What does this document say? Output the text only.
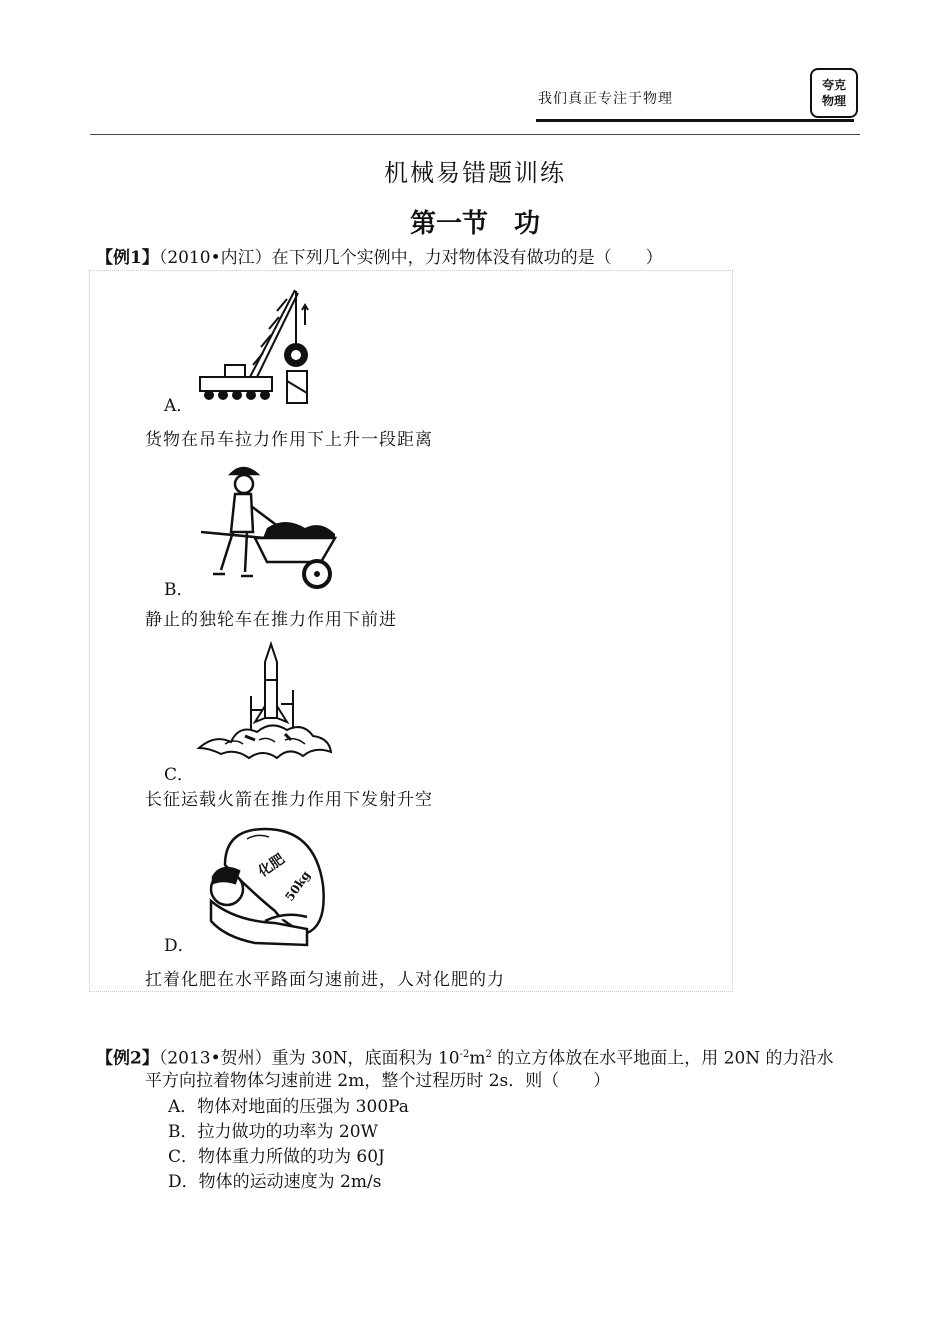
我们真正专注于物理
夸克
物理
机械易错题训练
第一节　功
【例1】（2010•内江）在下列几个实例中，力对物体没有做功的是（　　）
A．
货物在吊车拉力作用下上升一段距离
B．
静止的独轮车在推力作用下前进
C．
长征运载火箭在推力作用下发射升空
化肥
50kg
D．
扛着化肥在水平路面匀速前进，人对化肥的力
【例2】（2013•贺州）重为 30N，底面积为 $10^{-2}m^2$ 的立方体放在水平地面上，用 20N 的力沿水
平方向拉着物体匀速前进 2m，整个过程历时 2s．则（　　）
A．物体对地面的压强为 300Pa
B．拉力做功的功率为 20W
C．物体重力所做的功为 60J
D．物体的运动速度为 2m/s
